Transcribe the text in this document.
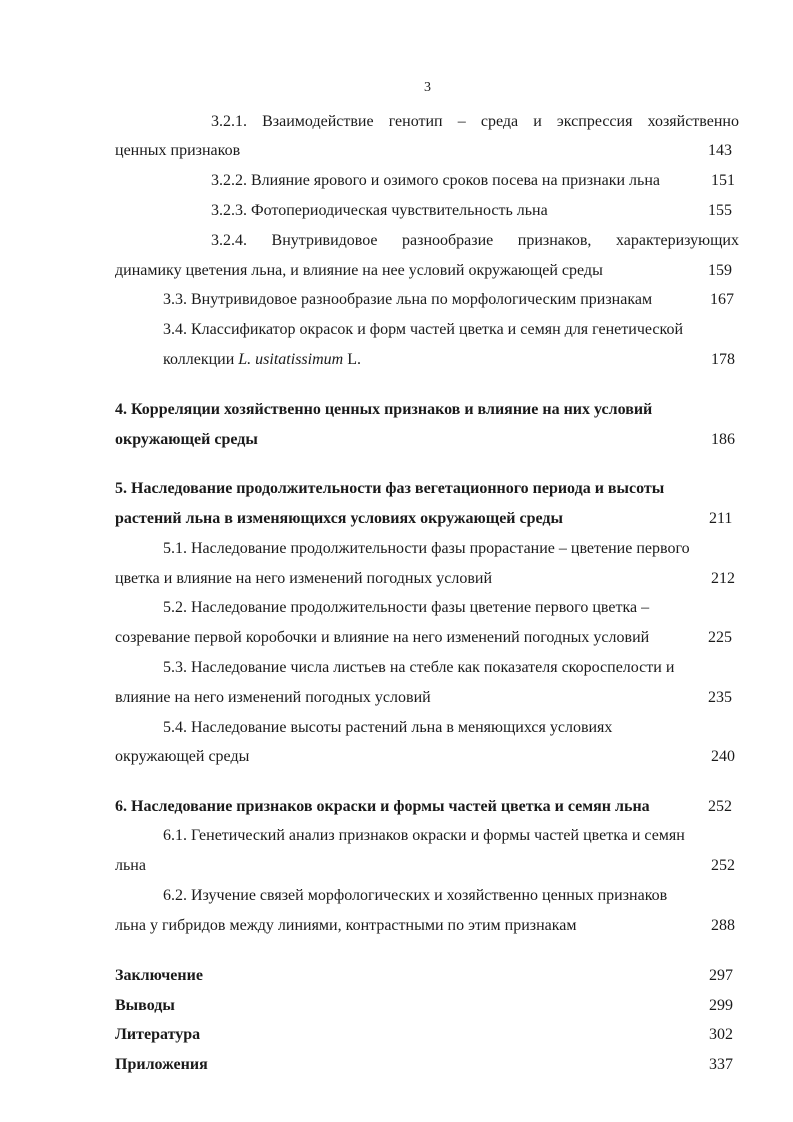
3
3.2.1. Взаимодействие генотип – среда и экспрессия хозяйственно
ценных признаков	143
3.2.2. Влияние ярового и озимого сроков посева на признаки льна	151
3.2.3. Фотопериодическая чувствительность льна	155
3.2.4. Внутривидовое разнообразие признаков, характеризующих
динамику цветения льна, и влияние на нее условий окружающей среды	159
3.3. Внутривидовое разнообразие льна по морфологическим признакам	167
3.4. Классификатор окрасок и форм частей цветка и семян для генетической
коллекции L. usitatissimum L.	178
4. Корреляции хозяйственно ценных признаков и влияние на них условий
окружающей среды	186
5. Наследование продолжительности фаз вегетационного периода и высоты
растений льна в изменяющихся условиях окружающей среды	211
5.1. Наследование продолжительности фазы прорастание – цветение первого
цветка и влияние на него изменений погодных условий	212
5.2. Наследование продолжительности фазы цветение первого цветка –
созревание первой коробочки и влияние на него изменений погодных условий	225
5.3. Наследование числа листьев на стебле как показателя скороспелости и
влияние на него изменений погодных условий	235
5.4. Наследование высоты растений льна в меняющихся условиях
окружающей среды	240
6. Наследование признаков окраски и формы частей цветка и семян льна	252
6.1. Генетический анализ признаков окраски и формы частей цветка и семян
льна	252
6.2. Изучение связей морфологических и хозяйственно ценных признаков
льна у гибридов между линиями, контрастными по этим признакам	288
Заключение	297
Выводы	299
Литература	302
Приложения	337
